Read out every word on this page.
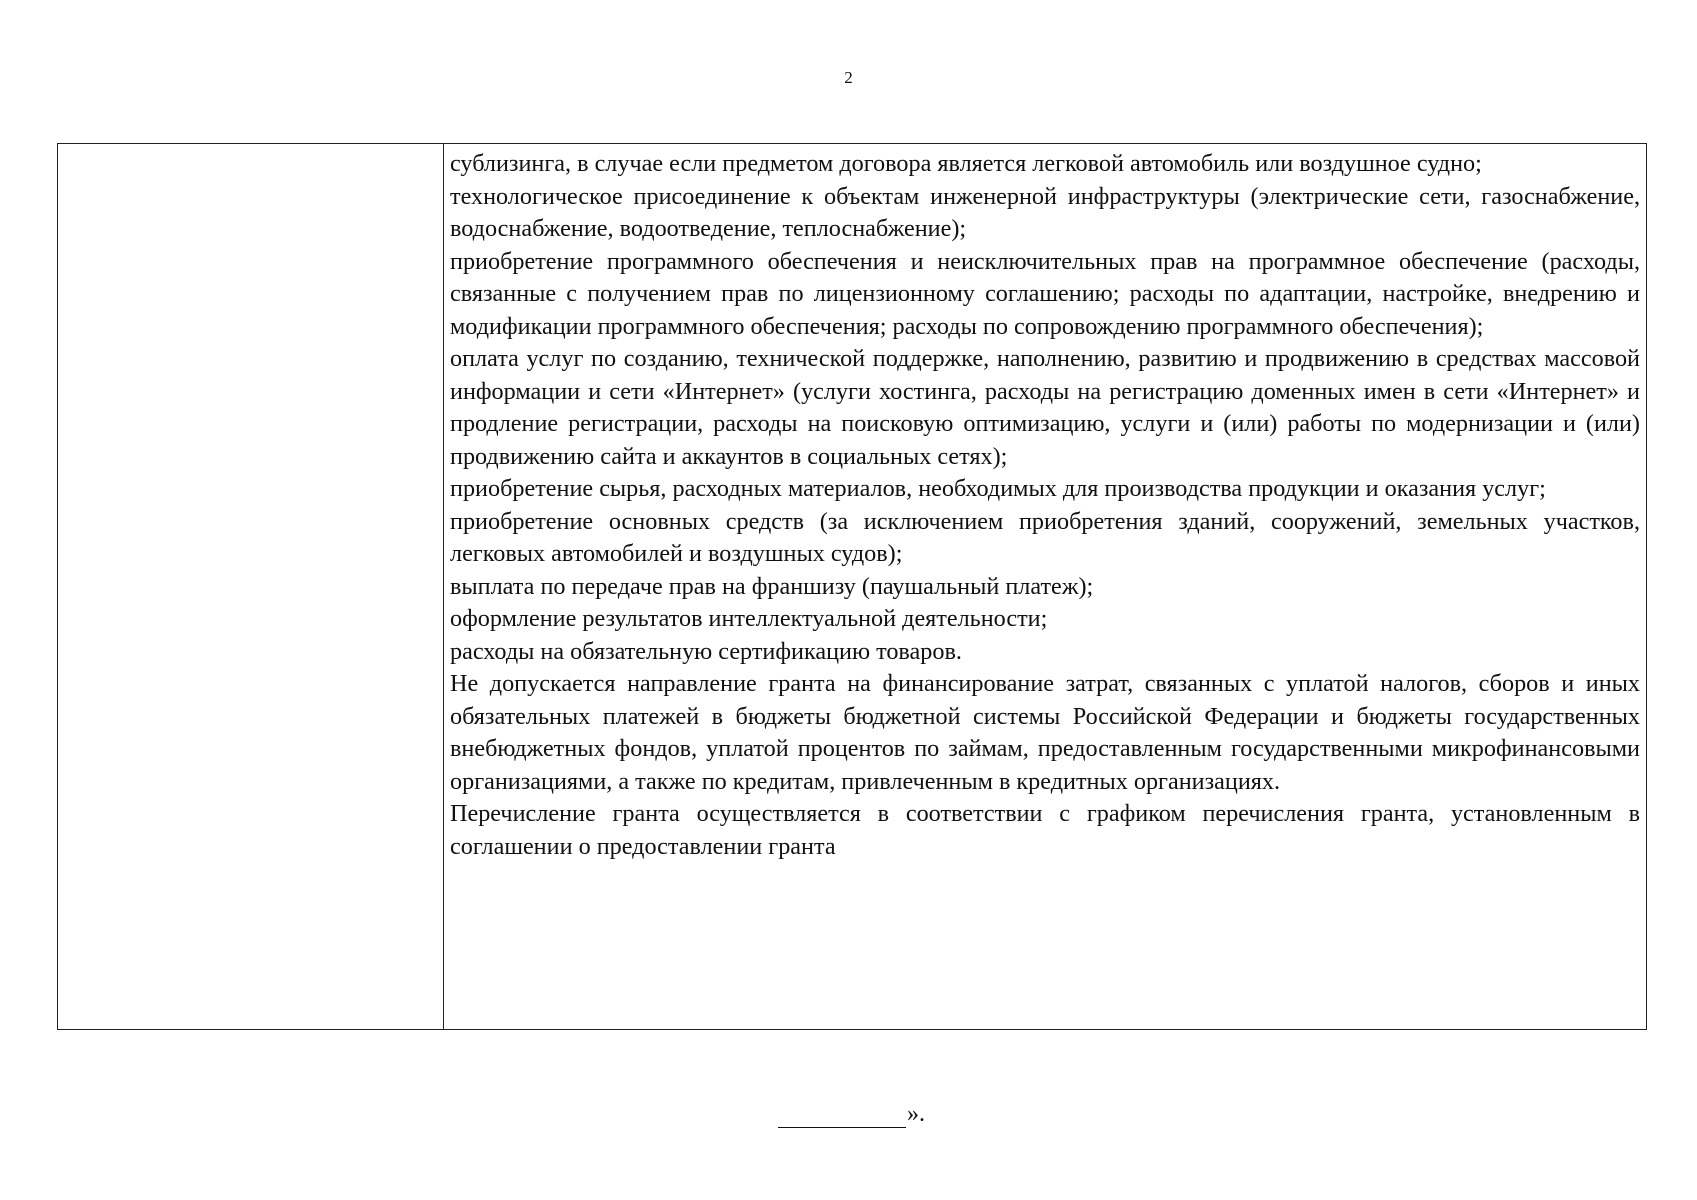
2

сублизинга, в случае если предметом договора является легковой автомобиль или воздушное судно;

технологическое присоединение к объектам инженерной инфраструктуры (электрические сети, газоснабжение, водоснабжение, водоотведение, теплоснабжение);

приобретение программного обеспечения и неисключительных прав на программное обеспечение (расходы, связанные с получением прав по лицензионному соглашению; расходы по адаптации, настройке, внедрению и модификации программного обеспечения; расходы по сопровождению программного обеспечения);

оплата услуг по созданию, технической поддержке, наполнению, развитию и продвижению в средствах массовой информации и сети «Интернет» (услуги хостинга, расходы на регистрацию доменных имен в сети «Интернет» и продление регистрации, расходы на поисковую оптимизацию, услуги и (или) работы по модернизации и (или) продвижению сайта и аккаунтов в социальных сетях);

приобретение сырья, расходных материалов, необходимых для производства продукции и оказания услуг;

приобретение основных средств (за исключением приобретения зданий, сооружений, земельных участков, легковых автомобилей и воздушных судов);

выплата по передаче прав на франшизу (паушальный платеж);

оформление результатов интеллектуальной деятельности;

расходы на обязательную сертификацию товаров.

Не допускается направление гранта на финансирование затрат, связанных с уплатой налогов, сборов и иных обязательных платежей в бюджеты бюджетной системы Российской Федерации и бюджеты государственных внебюджетных фондов, уплатой процентов по займам, предоставленным государственными микрофинансовыми организациями, а также по кредитам, привлеченным в кредитных организациях.

Перечисление гранта осуществляется в соответствии с графиком перечисления гранта, установленным в соглашении о предоставлении гранта

».
